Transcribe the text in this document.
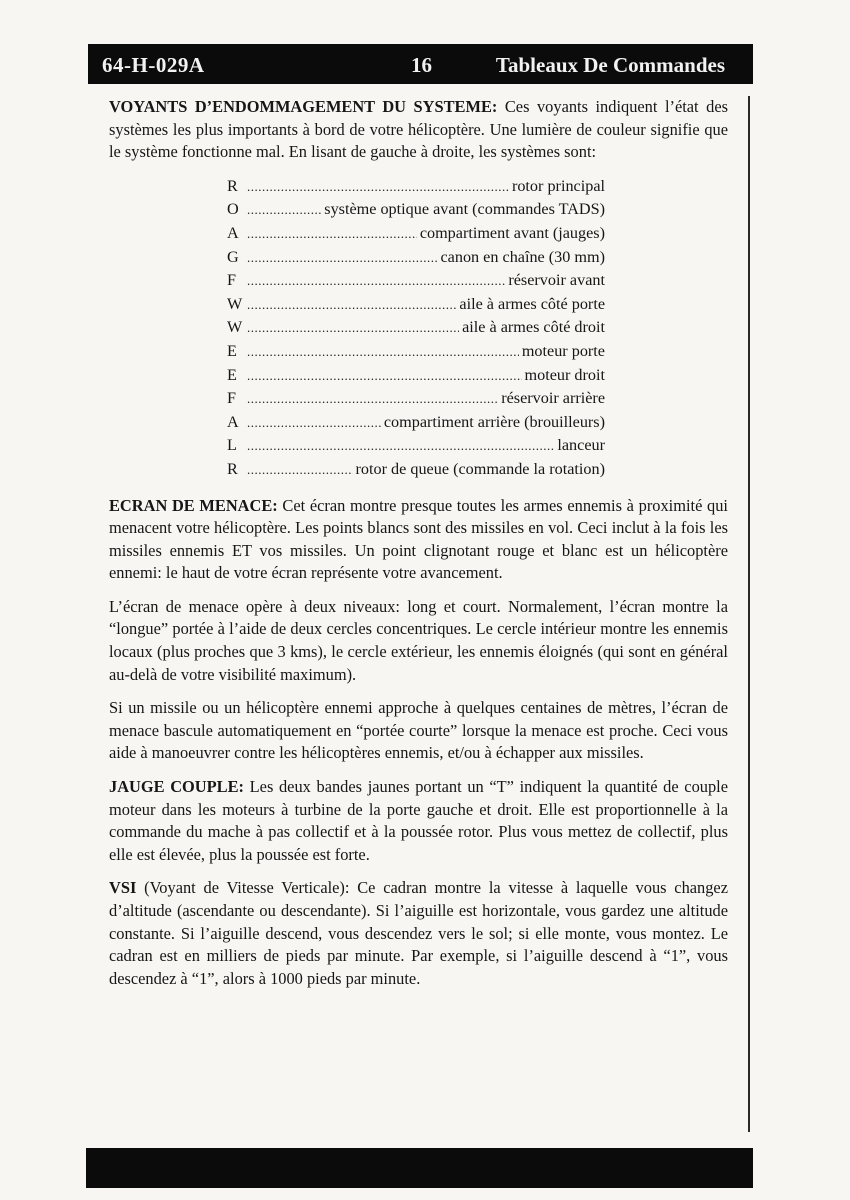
64-H-029A	16	Tableaux De Commandes

VOYANTS D’ENDOMMAGEMENT DU SYSTEME: Ces voyants indiquent l’état des systèmes les plus importants à bord de votre hélicoptère. Une lumière de couleur signifie que le système fonctionne mal. En lisant de gauche à droite, les systèmes sont:

R .....	rotor principal
O .....	système optique avant (commandes TADS)
A .....	compartiment avant (jauges)
G .....	canon en chaîne (30 mm)
F .....	réservoir avant
W .....	aile à armes côté porte
W .....	aile à armes côté droit
E .....	moteur porte
E .....	moteur droit
F .....	réservoir arrière
A .....	compartiment arrière (brouilleurs)
L .....	lanceur
R .....	rotor de queue (commande la rotation)

ECRAN DE MENACE: Cet écran montre presque toutes les armes ennemis à proximité qui menacent votre hélicoptère. Les points blancs sont des missiles en vol. Ceci inclut à la fois les missiles ennemis ET vos missiles. Un point clignotant rouge et blanc est un hélicoptère ennemi: le haut de votre écran représente votre avancement.

L’écran de menace opère à deux niveaux: long et court. Normalement, l’écran montre la “longue” portée à l’aide de deux cercles concentriques. Le cercle intérieur montre les ennemis locaux (plus proches que 3 kms), le cercle extérieur, les ennemis éloignés (qui sont en général au-delà de votre visibilité maximum).

Si un missile ou un hélicoptère ennemi approche à quelques centaines de mètres, l’écran de menace bascule automatiquement en “portée courte” lorsque la menace est proche. Ceci vous aide à manoeuvrer contre les hélicoptères ennemis, et/ou à échapper aux missiles.

JAUGE COUPLE: Les deux bandes jaunes portant un “T” indiquent la quantité de couple moteur dans les moteurs à turbine de la porte gauche et droit. Elle est proportionnelle à la commande du mache à pas collectif et à la poussée rotor. Plus vous mettez de collectif, plus elle est élevée, plus la poussée est forte.

VSI (Voyant de Vitesse Verticale): Ce cadran montre la vitesse à laquelle vous changez d’altitude (ascendante ou descendante). Si l’aiguille est horizontale, vous gardez une altitude constante. Si l’aiguille descend, vous descendez vers le sol; si elle monte, vous montez. Le cadran est en milliers de pieds par minute. Par exemple, si l’aiguille descend à “1”, vous descendez à “1”, alors à 1000 pieds par minute.
